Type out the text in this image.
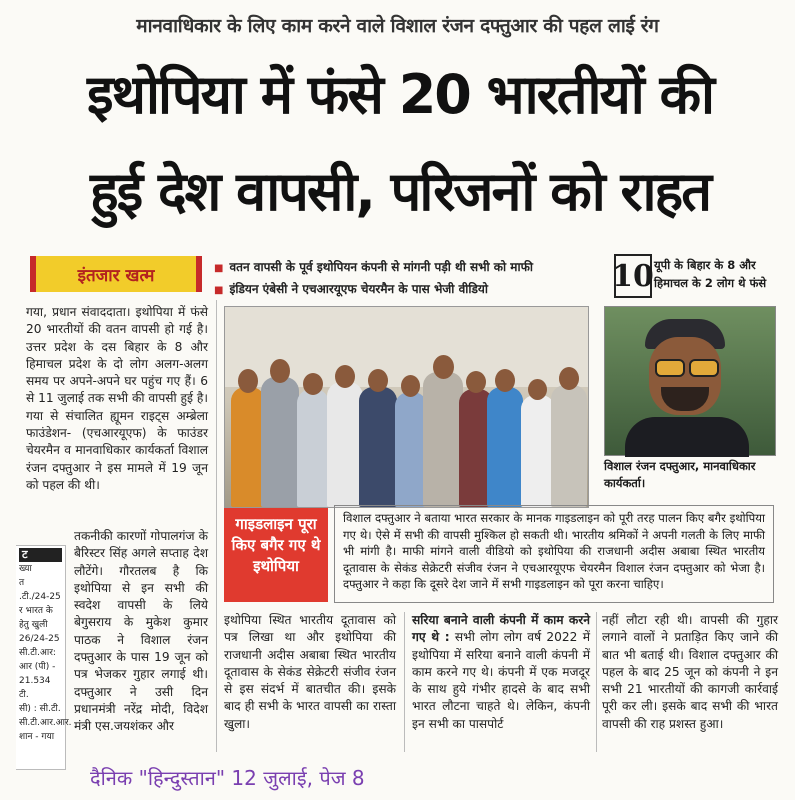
मानवाधिकार के लिए काम करने वाले विशाल रंजन दफ्तुआर की पहल लाई रंग
इथोपिया में फंसे 20 भारतीयों की
हुई देश वापसी, परिजनों को राहत
इंतजार खत्म
■	वतन वापसी के पूर्व इथोपियन कंपनी से मांगनी पड़ी थी सभी को माफी
■ इंडियन एंबेसी ने एचआरयूएफ चेयरमैन के पास भेजी वीडियो	10 यूपी के बिहार के 8 और हिमाचल के 2 लोग थे फंसे
गया, प्रधान संवाददाता। इथोपिया में फंसे 20 भारतीयों की वतन वापसी हो गई है। उत्तर प्रदेश के दस बिहार के 8 और हिमाचल प्रदेश के दो लोग अलग-अलग समय पर अपने-अपने घर पहुंच गए हैं। 6 से 11 जुलाई तक सभी की वापसी हुई है। गया से संचालित ह्यूमन राइट्स अम्ब्रेला फाउंडेशन- (एचआरयूएफ) के फाउंडर चेयरमैन व मानवाधिकार कार्यकर्ता विशाल रंजन दफ्तुआर ने इस मामले में 19 जून को पहल की थी।
तकनीकी कारणों गोपालगंज के बैरिस्टर सिंह अगले सप्ताह देश लौटेंगे। गौरतलब है कि इथोपिया से इन सभी की स्वदेश वापसी के लिये बेगुसराय के मुकेश कुमार पाठक ने विशाल रंजन दफ्तुआर के पास 19 जून को पत्र भेजकर गुहार लगाई थी। दफ्तुआर ने उसी दिन प्रधानमंत्री नरेंद्र मोदी, विदेश मंत्री एस.जयशंकर और
ट
ख्या
त
.टी./24-25
र भारत के
हेतु खुली
26/24-25
सी.टी.आर:
आर (पी) -
21.534 टी.
सी) : सी.टी.
सी.टी.आर.आर.
शान - गया
विशाल रंजन दफ्तुआर, मानवाधिकार कार्यकर्ता।
गाइडलाइन पूरा किए बगैर गए थे इथोपिया
विशाल दफ्तुआर ने बताया भारत सरकार के मानक गाइडलाइन को पूरी तरह पालन किए बगैर इथोपिया गए थे। ऐसे में सभी की वापसी मुश्किल हो सकती थी। भारतीय श्रमिकों ने अपनी गलती के लिए माफी भी मांगी है। माफी मांगने वाली वीडियो को इथोपिया की राजधानी अदीस अबाबा स्थित भारतीय दूतावास के सेकंड सेक्रेटरी संजीव रंजन ने एचआरयूएफ चेयरमैन विशाल रंजन दफ्तुआर को भेजा है। दफ्तुआर ने कहा कि दूसरे देश जाने में सभी गाइडलाइन को पूरा करना चाहिए।
इथोपिया स्थित भारतीय दूतावास को पत्र लिखा था और इथोपिया की राजधानी अदीस अबाबा स्थित भारतीय दूतावास के सेकंड सेक्रेटरी संजीव रंजन से इस संदर्भ में बातचीत की। इसके बाद ही सभी के भारत वापसी का रास्ता खुला।
सरिया बनाने वाली कंपनी में काम करने गए थे : सभी लोग लोग वर्ष 2022 में इथोपिया में सरिया बनाने वाली कंपनी में काम करने गए थे। कंपनी में एक मजदूर के साथ हुये गंभीर हादसे के बाद सभी भारत लौटना चाहते थे। लेकिन, कंपनी इन सभी का पासपोर्ट
नहीं लौटा रही थी। वापसी की गुहार लगाने वालों ने प्रताड़ित किए जाने की बात भी बताई थी। विशाल दफ्तुआर की पहल के बाद 25 जून को कंपनी ने इन सभी 21 भारतीयों की कागजी कार्रवाई पूरी कर ली। इसके बाद सभी की भारत वापसी की राह प्रशस्त हुआ।
दैनिक "हिन्दुस्तान" 12 जुलाई, पेज 8
